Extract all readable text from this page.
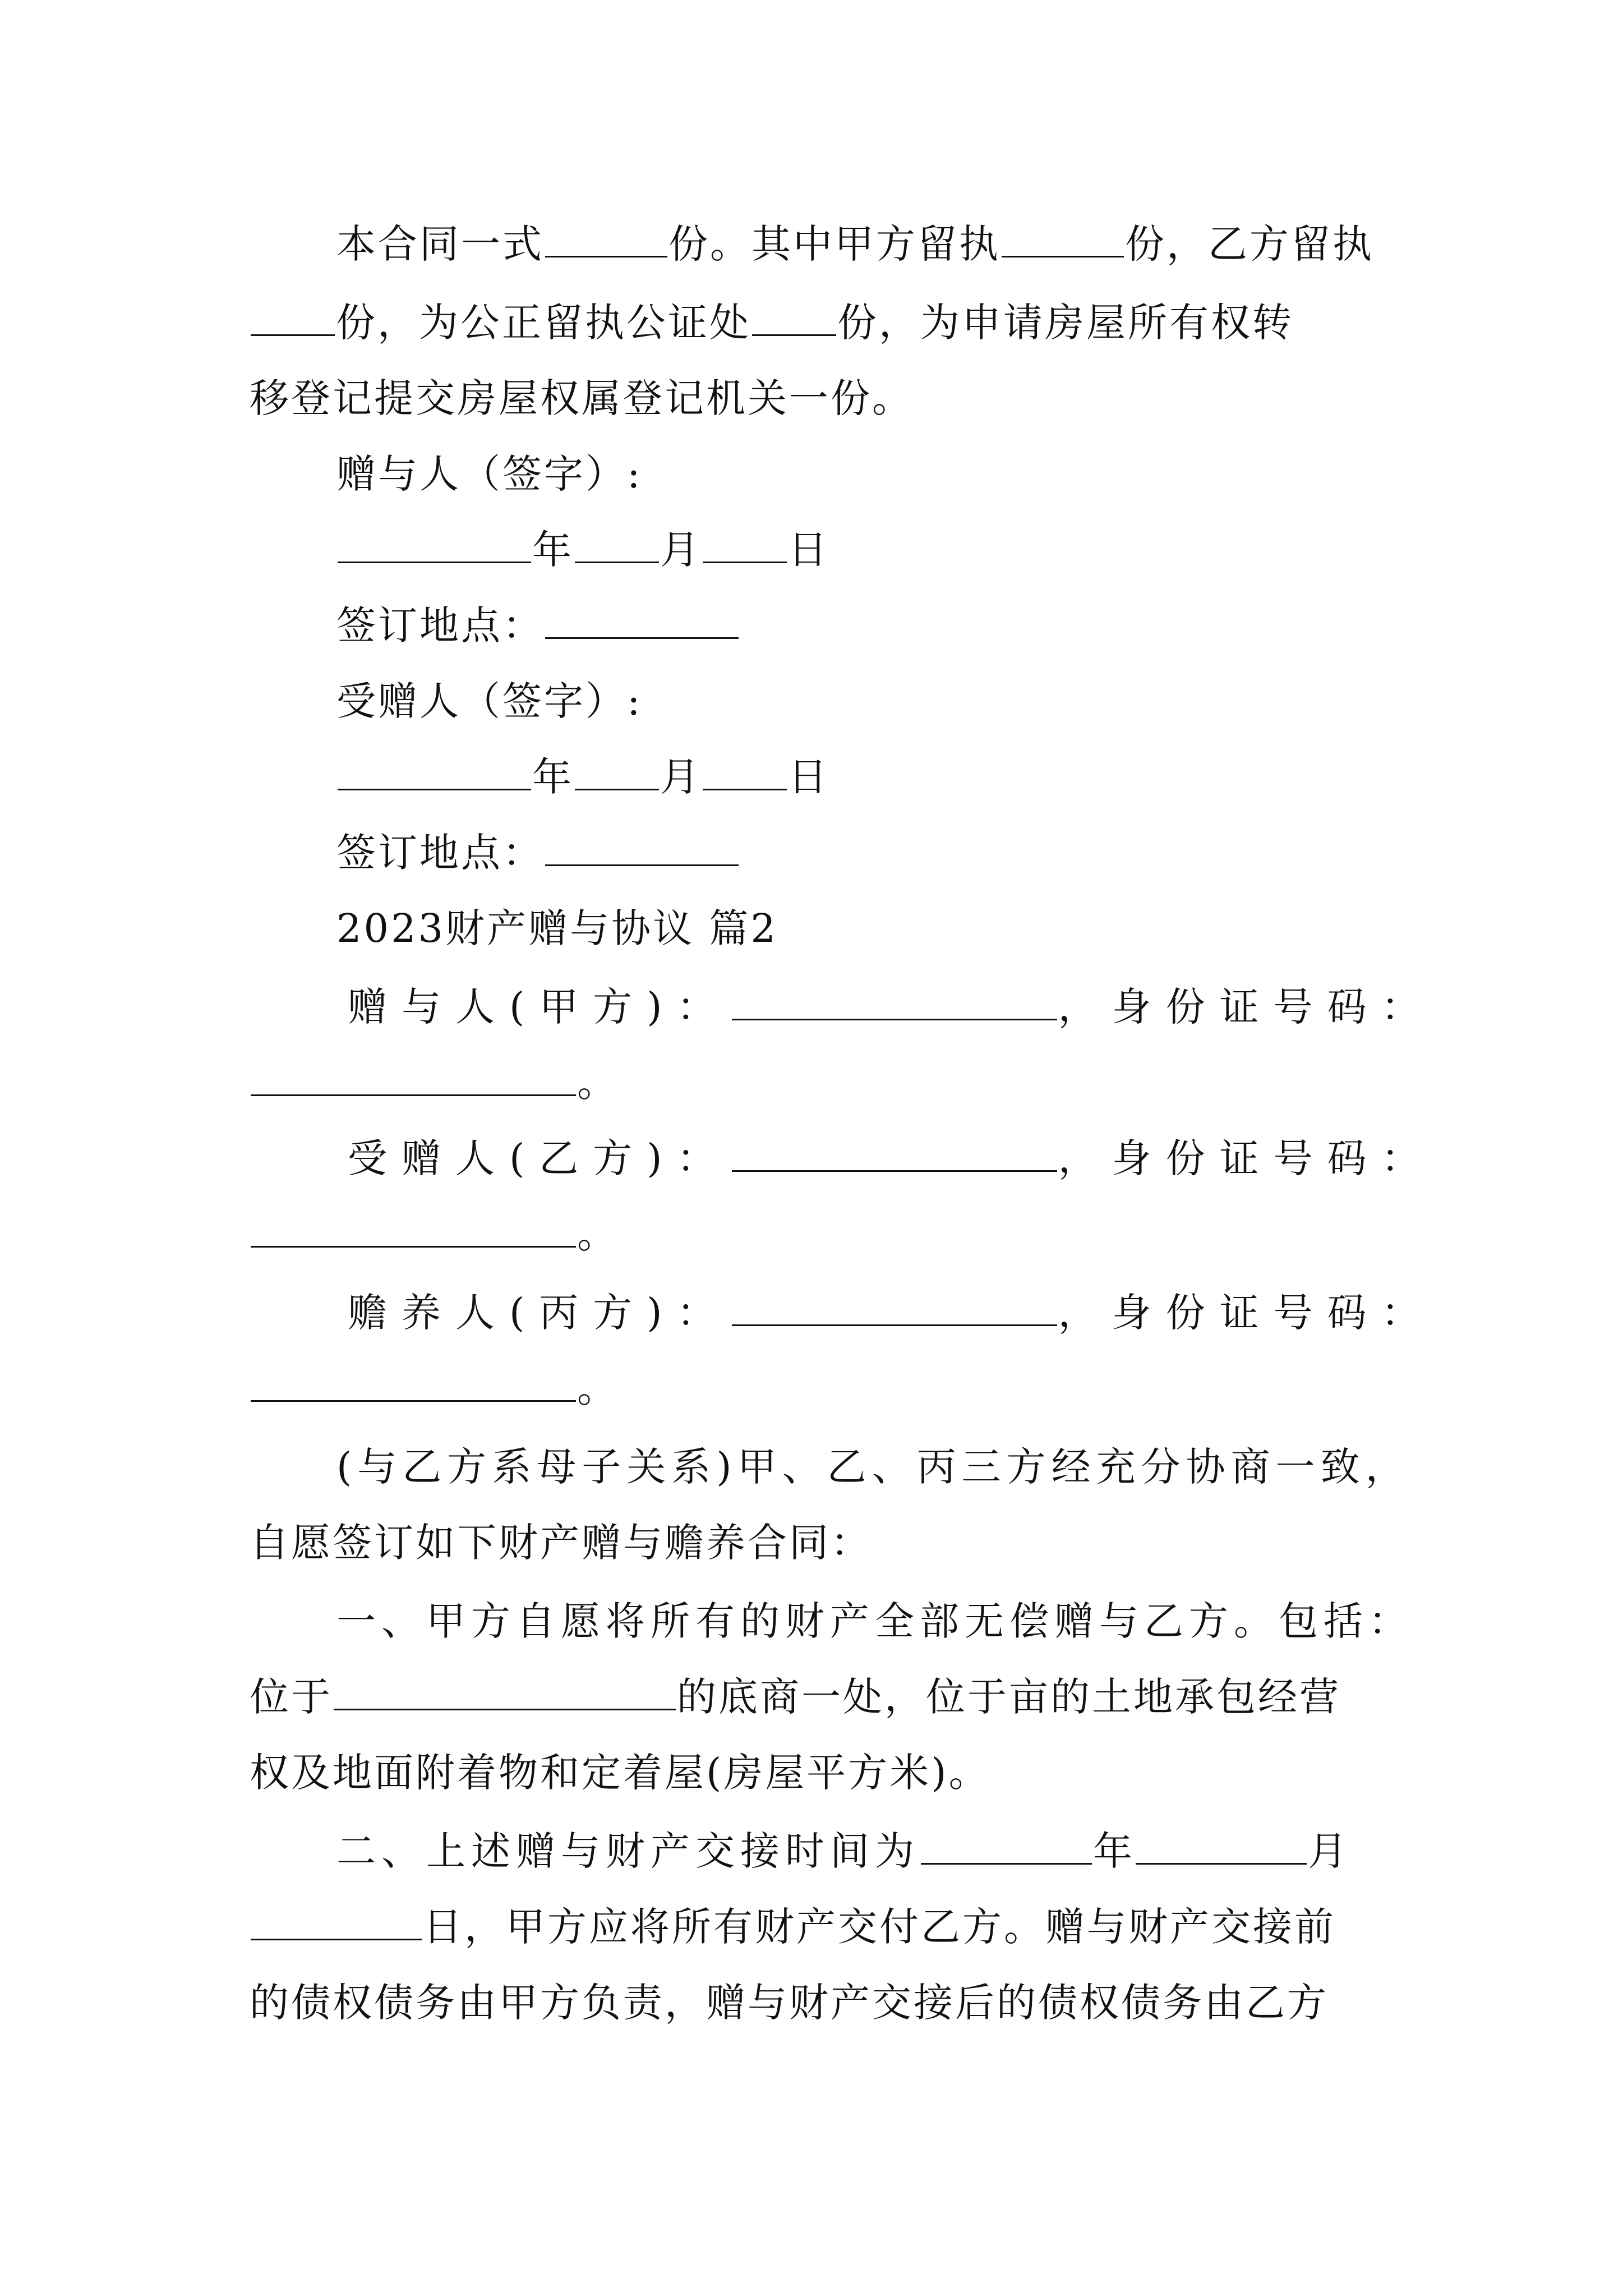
本合同一式	份。其中甲方留执	份，乙方留执
份，为公正留执公证处 份，为申请房屋所有权转
移登记提交房屋权属登记机关一份。
赠与人（签字）:
年 月 日
签订地点：
受赠人（签字）:
年 月 日
签订地点：
2023财产赠与协议 篇2
赠与人(甲方)：	，身份证号码：
。
受赠人(乙方)：	，身份证号码：
。
赡养人(丙方)：	，身份证号码：
。
(与乙方系母子关系)甲、乙、丙三方经充分协商一致，
自愿签订如下财产赠与赡养合同：
一、甲方自愿将所有的财产全部无偿赠与乙方。包括：
位于	的底商一处，位于亩的土地承包经营
权及地面附着物和定着屋(房屋平方米)。
二、上述赠与财产交接时间为	年	月
日，甲方应将所有财产交付乙方。赠与财产交接前
的债权债务由甲方负责，赠与财产交接后的债权债务由乙方
